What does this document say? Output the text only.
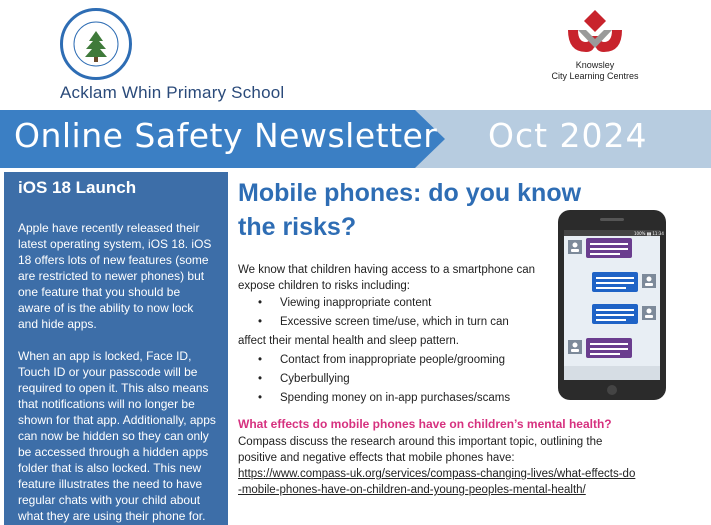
Acklam Whin Primary School
Knowsley
City Learning Centres
Online Safety Newsletter Oct 2024
iOS 18 Launch

Apple have recently released their latest operating system, iOS 18. iOS 18 offers lots of new features (some are restricted to newer phones) but one feature that you should be aware of is the ability to now lock and hide apps.

When an app is locked, Face ID, Touch ID or your passcode will be required to open it. This also means that notifications will no longer be shown for that app. Additionally, apps can now be hidden so they can only be accessed through a hidden apps folder that is also locked. This new feature illustrates the need to have regular chats with your child about what they are using their phone for.

Mobile phones: do you know the risks?
We know that children having access to a smartphone can expose children to risks including:
•	Viewing inappropriate content
•	Excessive screen time/use, which in turn can
affect their mental health and sleep pattern.
•	Contact from inappropriate people/grooming
•	Cyberbullying
•	Spending money on in-app purchases/scams
What effects do mobile phones have on children’s mental health?
Compass discuss the research around this important topic, outlining the positive and negative effects that mobile phones have:
https://www.compass-uk.org/services/compass-changing-lives/what-effects-do-mobile-phones-have-on-children-and-young-peoples-mental-health/
100% ▮▮ 11:34
